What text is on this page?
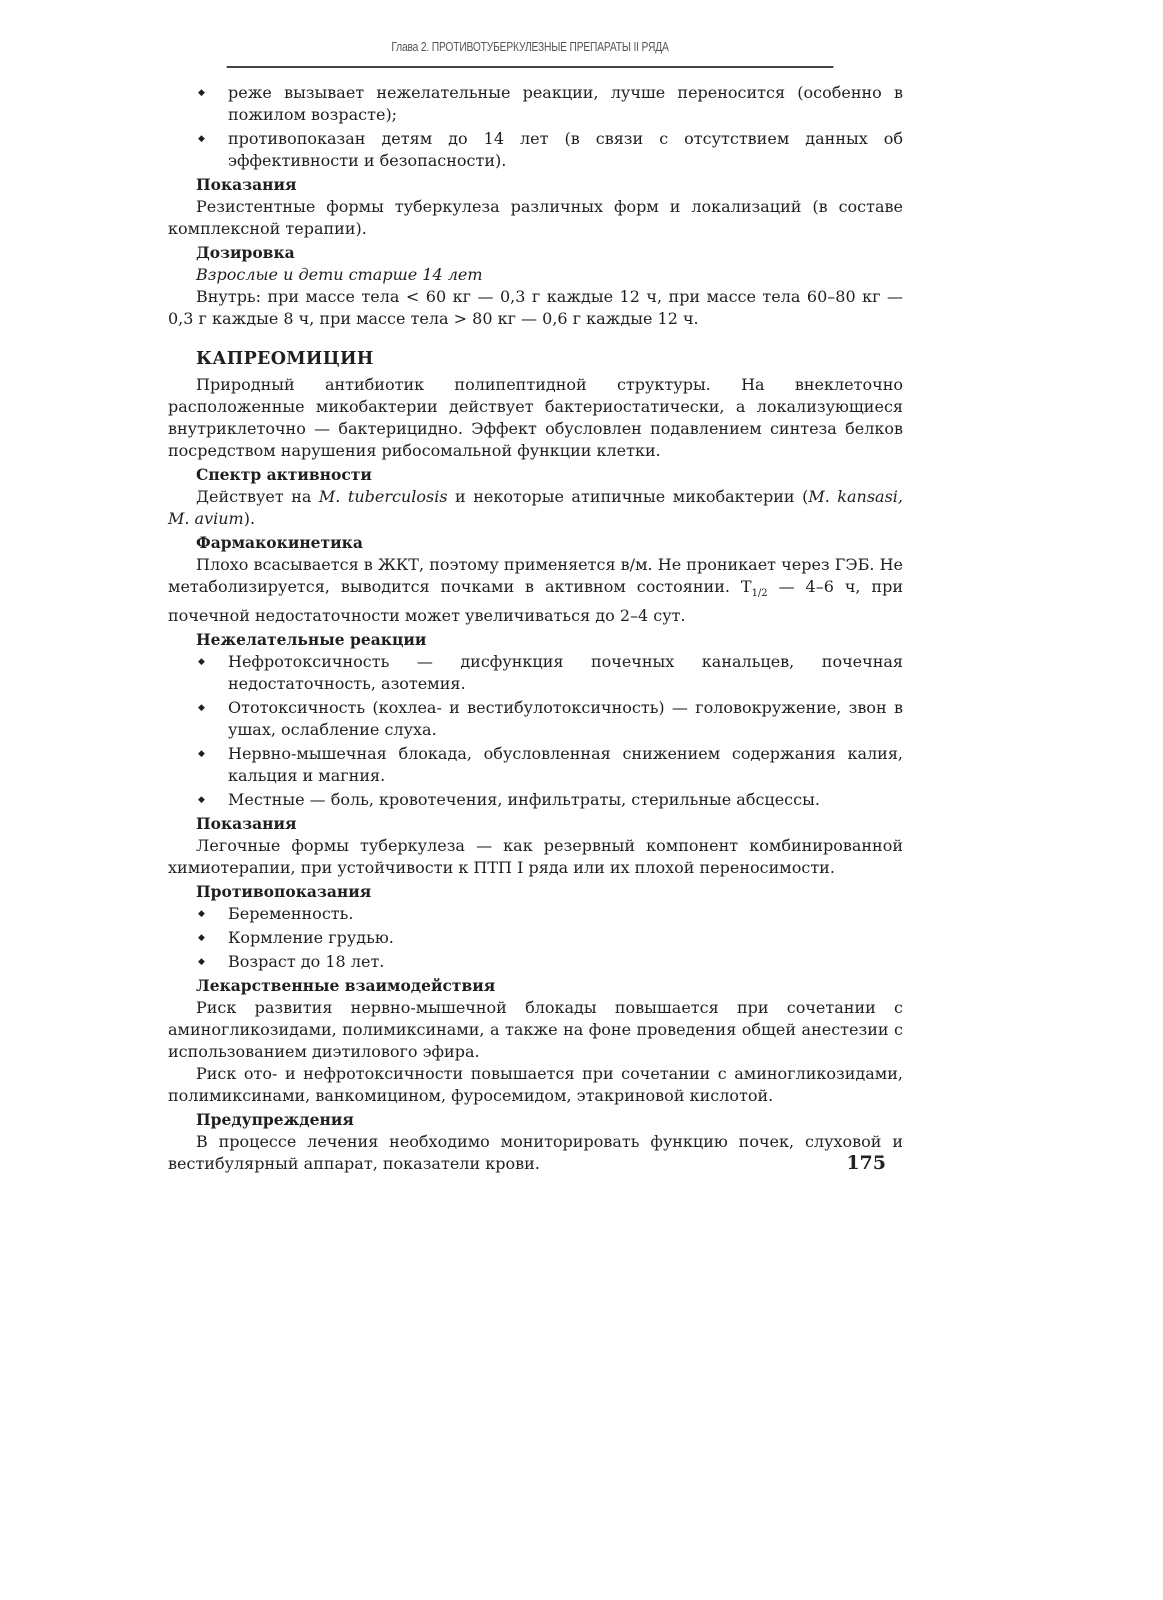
Глава 2. ПРОТИВОТУБЕРКУЛЕЗНЫЕ ПРЕПАРАТЫ II РЯДА
◆ реже вызывает нежелательные реакции, лучше переносится (особенно в пожилом возрасте);
◆ противопоказан детям до 14 лет (в связи с отсутствием данных об эффективности и безопасности).
Показания

Резистентные формы туберкулеза различных форм и локализаций (в составе комплексной терапии).

Дозировка
Взрослые и дети старше 14 лет

Внутрь: при массе тела < 60 кг — 0,3 г каждые 12 ч, при массе тела 60–80 кг — 0,3 г каждые 8 ч, при массе тела > 80 кг — 0,6 г каждые 12 ч.

КАПРЕОМИЦИН

Природный антибиотик полипептидной структуры. На внеклеточно расположенные микобактерии действует бактериостатически, а локализующиеся внутриклеточно — бактерицидно. Эффект обусловлен подавлением синтеза белков посредством нарушения рибосомальной функции клетки.

Спектр активности

Действует на M. tuberculosis и некоторые атипичные микобактерии (M. kansasi, M. avium).

Фармакокинетика

Плохо всасывается в ЖКТ, поэтому применяется в/м. Не проникает через ГЭБ. Не метаболизируется, выводится почками в активном состоянии. $T_{1/2}$ — 4–6 ч, при почечной недостаточности может увеличиваться до 2–4 сут.

Нежелательные реакции
◆ Нефротоксичность — дисфункция почечных канальцев, почечная недостаточность, азотемия.
◆ Ототоксичность (кохлеа- и вестибулотоксичность) — головокружение, звон в ушах, ослабление слуха.
◆ Нервно-мышечная блокада, обусловленная снижением содержания калия, кальция и магния.
◆ Местные — боль, кровотечения, инфильтраты, стерильные абсцессы.
Показания

Легочные формы туберкулеза — как резервный компонент комбинированной химиотерапии, при устойчивости к ПТП I ряда или их плохой переносимости.

Противопоказания
◆ Беременность.
◆ Кормление грудью.
◆ Возраст до 18 лет.
Лекарственные взаимодействия

Риск развития нервно-мышечной блокады повышается при сочетании с аминогликозидами, полимиксинами, а также на фоне проведения общей анестезии с использованием диэтилового эфира.

Риск ото- и нефротоксичности повышается при сочетании с аминогликозидами, полимиксинами, ванкомицином, фуросемидом, этакриновой кислотой.

Предупреждения

В процессе лечения необходимо мониторировать функцию почек, слуховой и вестибулярный аппарат, показатели крови.	175
